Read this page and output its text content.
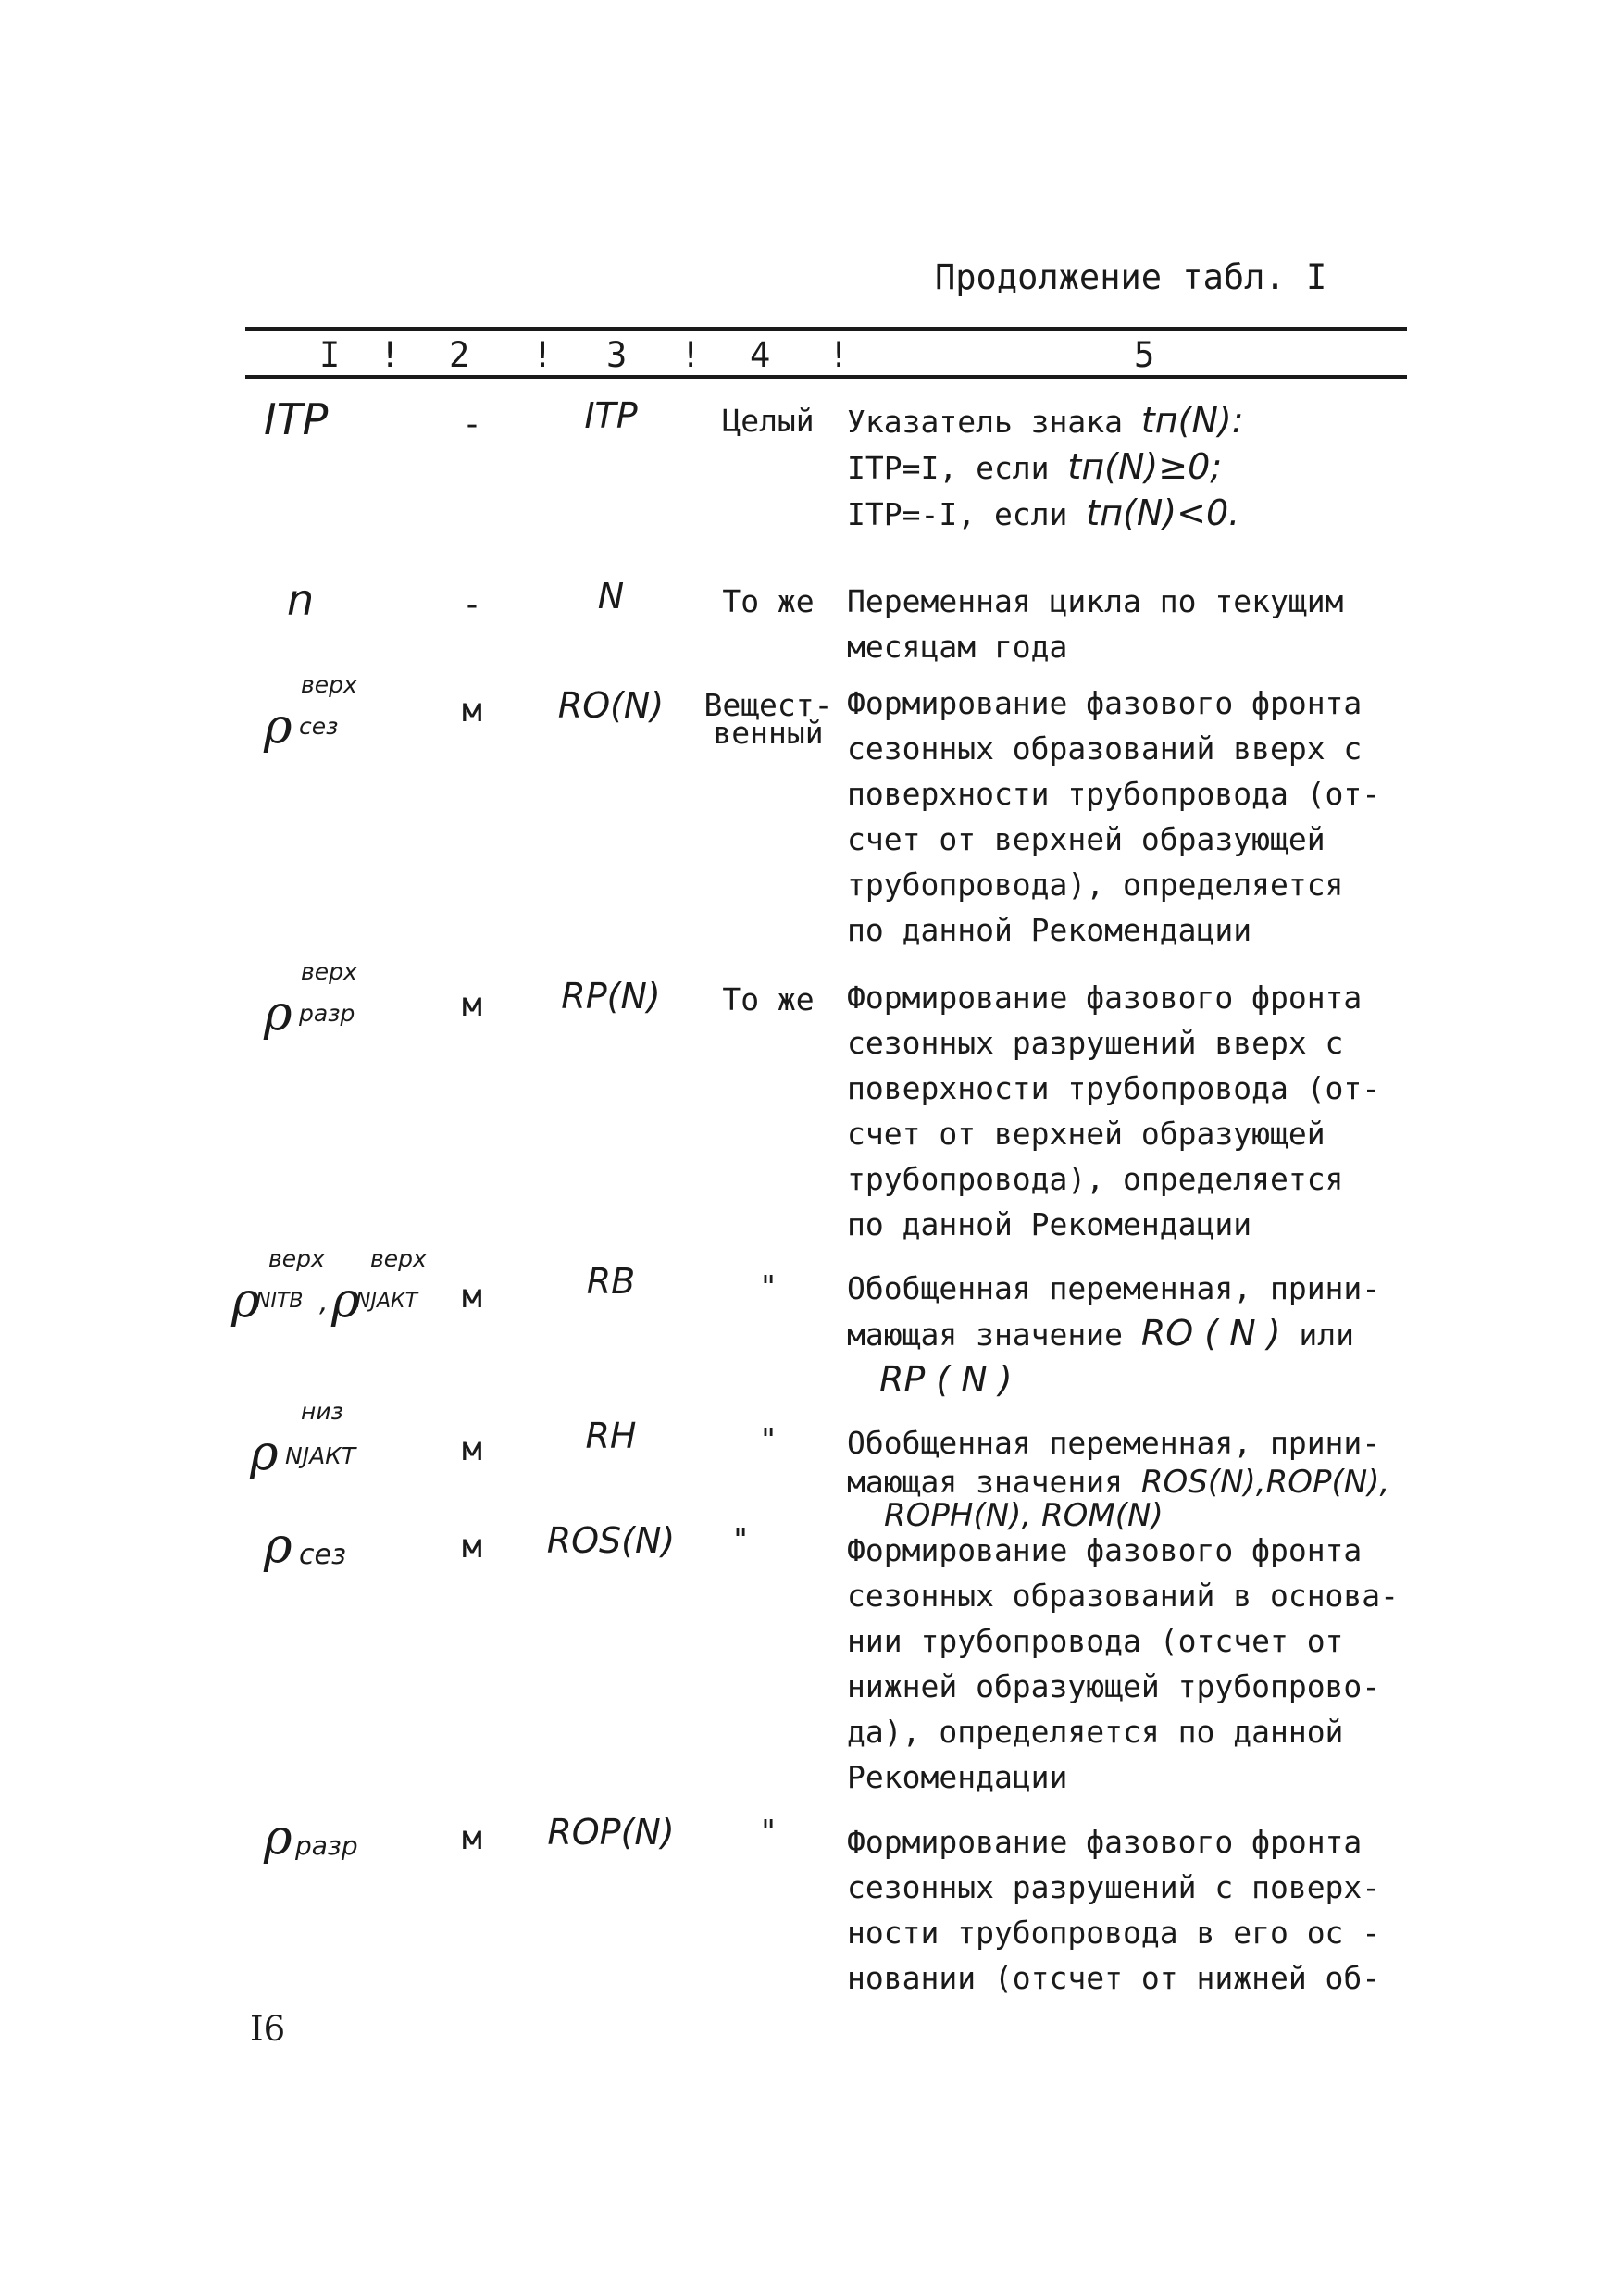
Продолжение табл. I
I ! 2 ! 3 ! 4 !	5
ITP	-	ITP	Целый	Указатель знака tп(N):
ITP=I, если tп(N)≥0;
ITP=-I, если tп(N)<0.
n	-	N	То же	Переменная цикла по текущим
месяцам года
ρ
верх
сез	м	RO(N)	Вещест-
венный
Формирование фазового фронта
сезонных образований вверх с
поверхности трубопровода (от-
счет от верхней образующей
трубопровода), определяется
по данной Рекомендации
ρ
верх
разр	м	RP(N)	То же	Формирование фазового фронта
сезонных разрушений вверх с
поверхности трубопровода (от-
счет от верхней образующей
трубопровода), определяется
по данной Рекомендации
ρ
верх
NITВ , ρ
верх
NJАКТ	м	RB	"	Обобщенная переменная, прини-
мающая значение RO ( N ) или
RP ( N )
ρ
низ
NJАКТ	м	RH	"	Обобщенная переменная, прини-
мающая значения ROS(N),ROP(N),
ROPH(N), ROM(N)
ρ сез	м	ROS(N)	"	Формирование фазового фронта
сезонных образований в основа-
нии трубопровода (отсчет от
нижней образующей трубопрово-
да), определяется по данной
Рекомендации
ρ разр	м	ROP(N)	"	Формирование фазового фронта
сезонных разрушений с поверх-
ности трубопровода в его ос -
новании (отсчет от нижней об-
I6
